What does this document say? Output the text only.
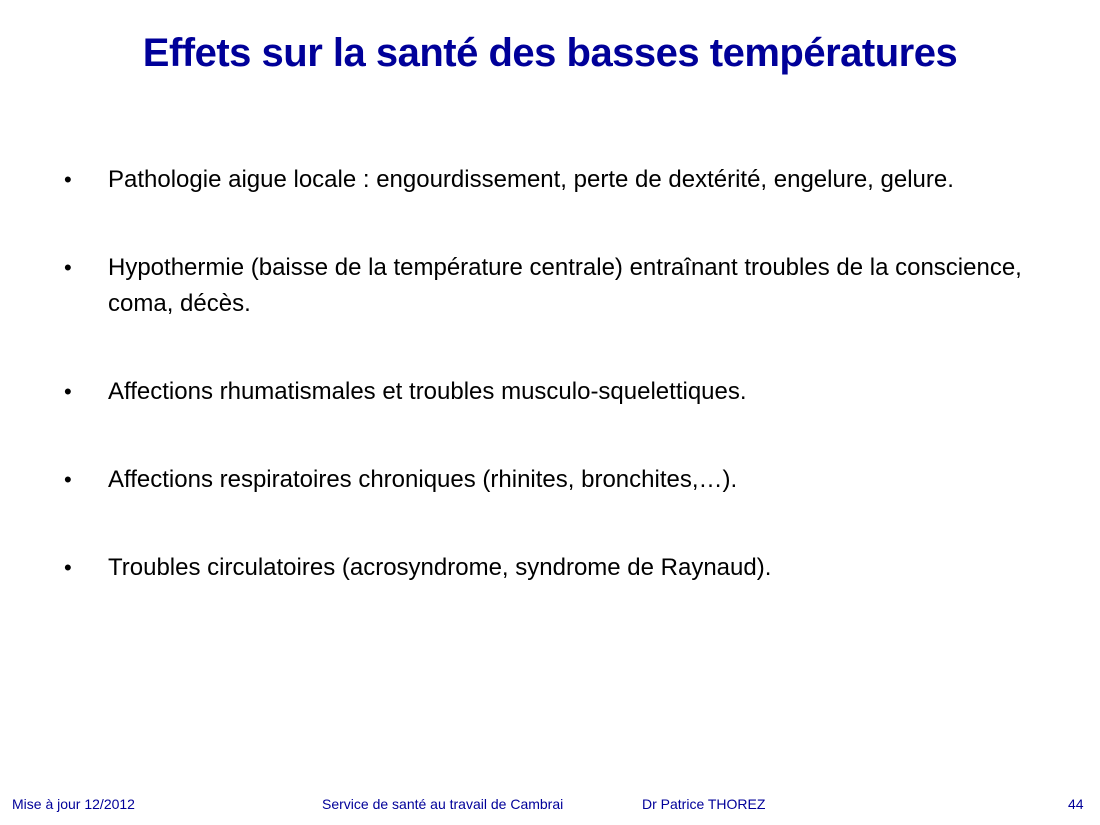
Effets sur la santé des basses températures
• Pathologie aigue locale : engourdissement, perte de dextérité, engelure, gelure.
• Hypothermie (baisse de la température centrale) entraînant troubles de la conscience, coma, décès.
• Affections rhumatismales et troubles musculo-squelettiques.
• Affections respiratoires chroniques (rhinites, bronchites,…).
• Troubles circulatoires (acrosyndrome, syndrome de Raynaud).
Mise à jour 12/2012	Service de santé au travail de Cambrai	Dr Patrice THOREZ	44
